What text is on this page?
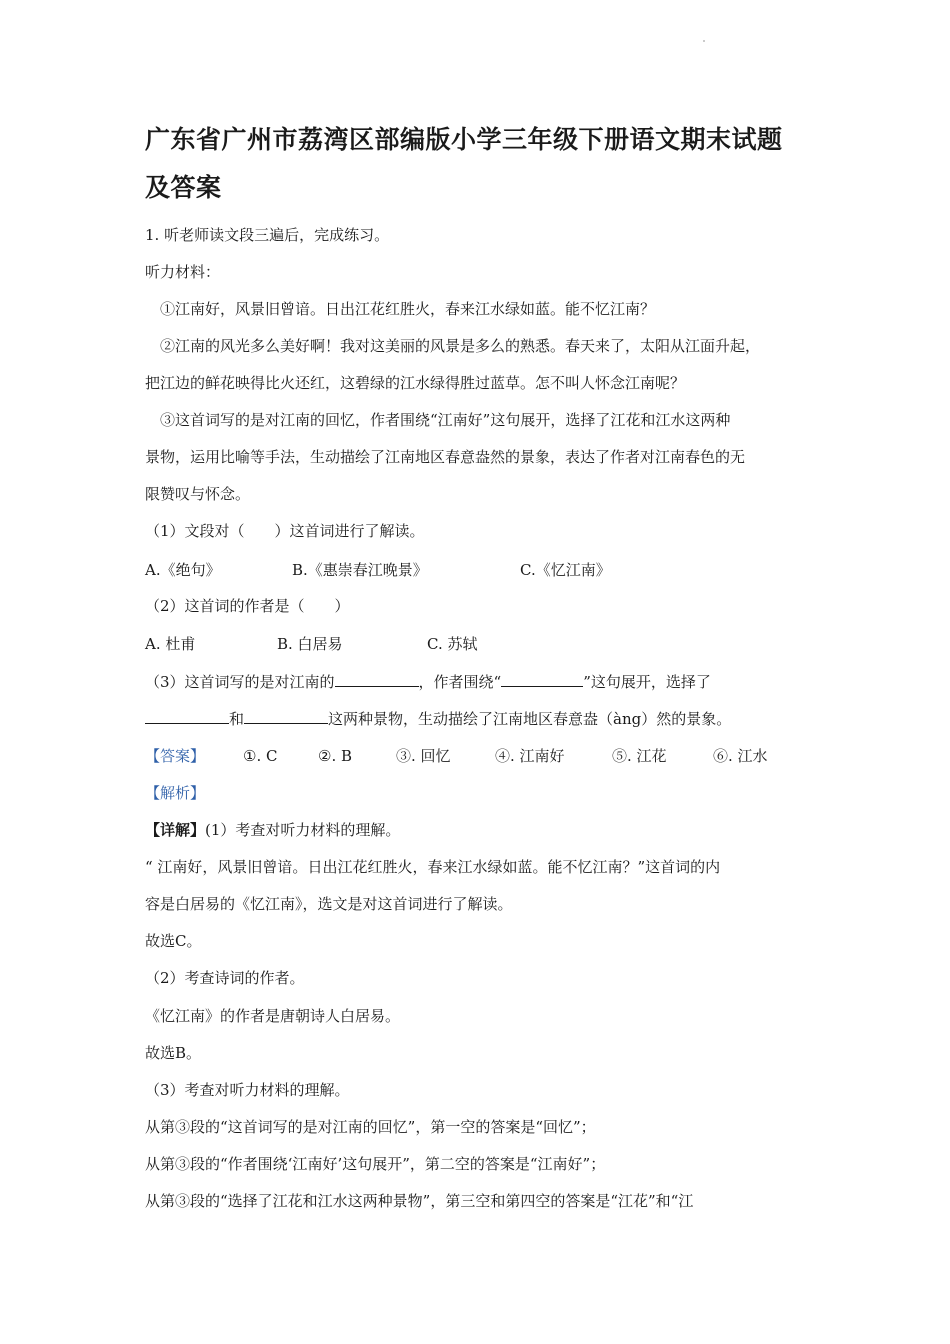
广东省广州市荔湾区部编版小学三年级下册语文期末试题
及答案
1. 听老师读文段三遍后，完成练习。
听力材料：
①江南好，风景旧曾谙。日出江花红胜火，春来江水绿如蓝。能不忆江南？
②江南的风光多么美好啊！我对这美丽的风景是多么的熟悉。春天来了，太阳从江面升起，
把江边的鲜花映得比火还红，这碧绿的江水绿得胜过蓝草。怎不叫人怀念江南呢？
③这首词写的是对江南的回忆，作者围绕“江南好”这句展开，选择了江花和江水这两种
景物，运用比喻等手法，生动描绘了江南地区春意盎然的景象，表达了作者对江南春色的无
限赞叹与怀念。
（1）文段对（　　）这首词进行了解读。
A.《绝句》	B.《惠崇春江晚景》	C.《忆江南》
（2）这首词的作者是（　　）
A. 杜甫	B. 白居易	C. 苏轼
（3）这首词写的是对江南的	，作者围绕“	”这句展开，选择了
和	这两种景物，生动描绘了江南地区春意盎（àng）然的景象。
【答案】	①. C	②. B	③. 回忆	④. 江南好	⑤. 江花	⑥. 江水
【解析】
【详解】(1）考查对听力材料的理解。
“ 江南好，风景旧曾谙。日出江花红胜火，春来江水绿如蓝。能不忆江南？”这首词的内
容是白居易的《忆江南》，选文是对这首词进行了解读。
故选C。
（2）考查诗词的作者。
《忆江南》的作者是唐朝诗人白居易。
故选B。
（3）考查对听力材料的理解。
从第③段的“这首词写的是对江南的回忆”，第一空的答案是“回忆”；
从第③段的“作者围绕‘江南好’这句展开”，第二空的答案是“江南好”；
从第③段的“选择了江花和江水这两种景物”，第三空和第四空的答案是“江花”和“江
